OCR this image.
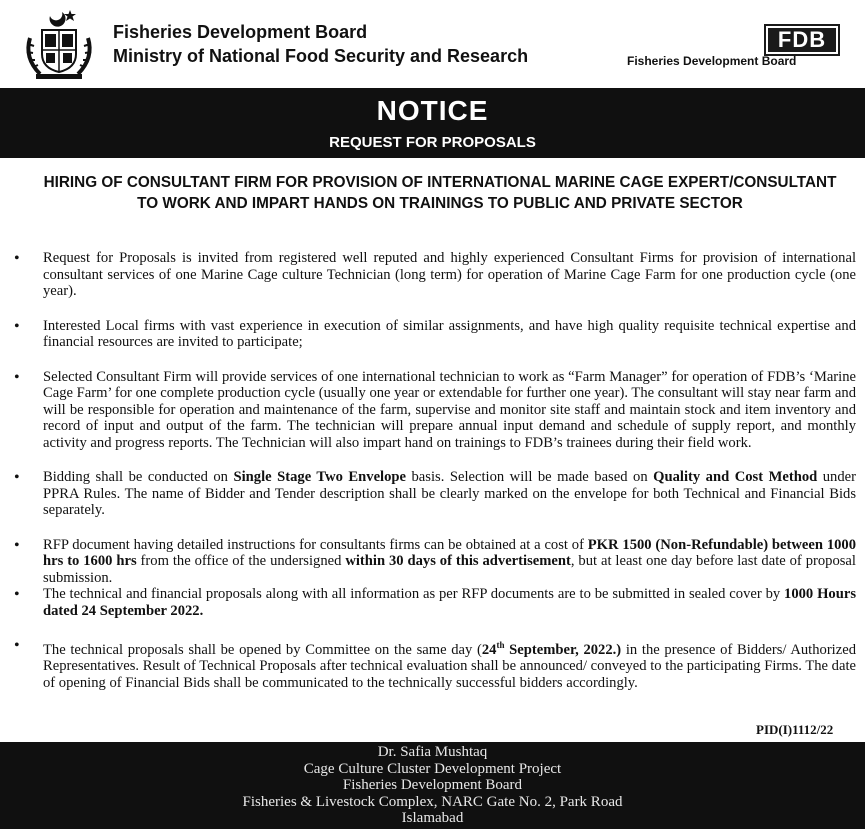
Fisheries Development Board
Ministry of National Food Security and Research
FDB
Fisheries Development Board
NOTICE
REQUEST FOR PROPOSALS
HIRING OF CONSULTANT FIRM FOR PROVISION OF INTERNATIONAL MARINE CAGE EXPERT/CONSULTANT TO WORK AND IMPART HANDS ON TRAININGS TO PUBLIC AND PRIVATE SECTOR
• Request for Proposals is invited from registered well reputed and highly experienced Consultant Firms for provision of international consultant services of one Marine Cage culture Technician (long term) for operation of Marine Cage Farm for one production cycle (one year).
• Interested Local firms with vast experience in execution of similar assignments, and have high quality requisite technical expertise and financial resources are invited to participate;
• Selected Consultant Firm will provide services of one international technician to work as “Farm Manager” for operation of FDB’s ‘Marine Cage Farm’ for one complete production cycle (usually one year or extendable for further one year). The consultant will stay near farm and will be responsible for operation and maintenance of the farm, supervise and monitor site staff and maintain stock and item inventory and record of input and output of the farm. The technician will prepare annual input demand and schedule of supply report, and monthly activity and progress reports. The Technician will also impart hand on trainings to FDB’s trainees during their field work.
• Bidding shall be conducted on Single Stage Two Envelope basis. Selection will be made based on Quality and Cost Method under PPRA Rules. The name of Bidder and Tender description shall be clearly marked on the envelope for both Technical and Financial Bids separately.
• RFP document having detailed instructions for consultants firms can be obtained at a cost of PKR 1500 (Non-Refundable) between 1000 hrs to 1600 hrs from the office of the undersigned within 30 days of this advertisement, but at least one day before last date of proposal submission.
• The technical and financial proposals along with all information as per RFP documents are to be submitted in sealed cover by 1000 Hours dated 24 September 2022.
• The technical proposals shall be opened by Committee on the same day (24th September, 2022.) in the presence of Bidders/ Authorized Representatives. Result of Technical Proposals after technical evaluation shall be announced/ conveyed to the participating Firms. The date of opening of Financial Bids shall be communicated to the technically successful bidders accordingly.
PID(I)1112/22
Dr. Safia Mushtaq
Cage Culture Cluster Development Project
Fisheries Development Board
Fisheries & Livestock Complex, NARC Gate No. 2, Park Road
Islamabad
